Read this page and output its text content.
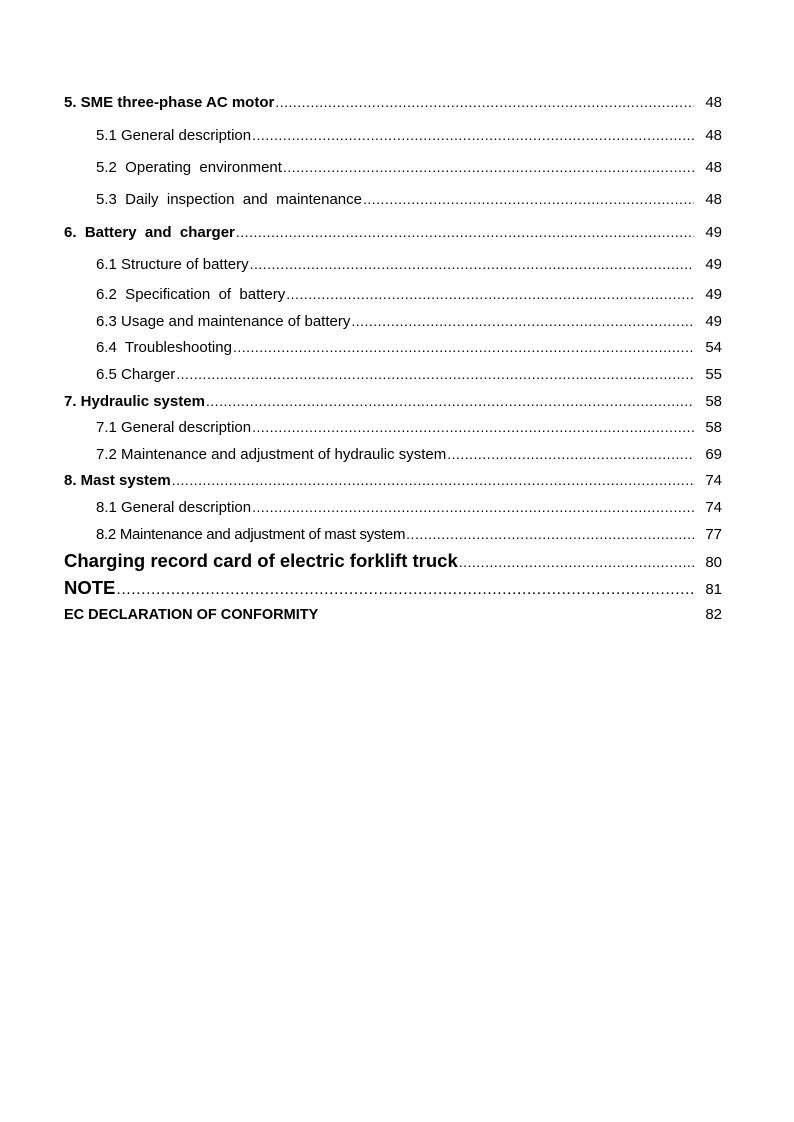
5. SME three-phase AC motor .....	48
5.1 General description .....	48
5.2  Operating  environment .....	48
5.3  Daily  inspection  and  maintenance .....	48
6.  Battery  and  charger .....	49
6.1 Structure of battery .....	49
6.2  Specification  of  battery .....	49
6.3 Usage and maintenance of battery .....	49
6.4  Troubleshooting .....	54
6.5 Charger .....	55
7. Hydraulic system .....	58
7.1 General description .....	58
7.2 Maintenance and adjustment of hydraulic system .....	69
8. Mast system .....	74
8.1 General description .....	74
8.2 Maintenance and adjustment of mast system .....	77
Charging record card of electric forklift truck .....	80
NOTE .....	81
EC DECLARATION OF CONFORMITY	82
